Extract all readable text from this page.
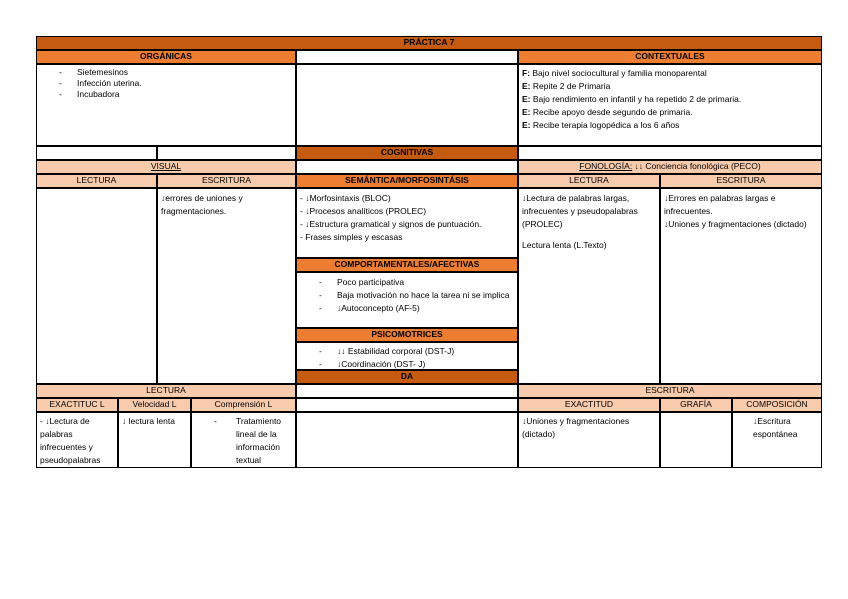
PRÁCTICA 7
ORGÁNICAS	CONTEXTUALES
- Sietemesinos
- Infección uterina.
- Incubadora
F: Bajo nivel sociocultural y familia monoparental
E: Repite 2 de Primaria
E: Bajo rendimiento en infantil y ha repetido 2 de primaria.
E: Recibe apoyo desde segundo de primaria.
E: Recibe terapia logopédica a los 6 años
COGNITIVAS
VISUAL	FONOLOGÍA: ↓↓ Conciencia fonológica (PECO)
LECTURA	ESCRITURA	SEMÁNTICA/MORFOSINTÁSIS	LECTURA	ESCRITURA
↓errores de uniones y fragmentaciones.
- ↓Morfosintaxis (BLOC)
- ↓Procesos analíticos (PROLEC)
- ↓Estructura gramatical y signos de puntuación.
- Frases simples y escasas
COMPORTAMENTALES/AFECTIVAS
- Poco participativa
- Baja motivación no hace la tarea ni se implica
- ↓Autoconcepto (AF-5)
PSICOMOTRICES
- ↓↓ Estabilidad corporal (DST-J)
- ↓Coordinación (DST- J)
DA
↓Lectura de palabras largas, infrecuentes y pseudopalabras (PROLEC)
Lectura lenta (L.Texto)
↓Errores en palabras largas e infrecuentes.
↓Uniones y fragmentaciones (dictado)
LECTURA	ESCRITURA
EXACTITUC L	Velocidad L	Comprensión L	EXACTITUD	GRAFÍA	COMPOSICIÓN
- ↓Lectura de palabras infrecuentes y pseudopalabras
↓ lectura lenta
-	Tratamiento lineal de la información textual
↓Uniones y fragmentaciones (dictado)
↓Escritura espontánea
